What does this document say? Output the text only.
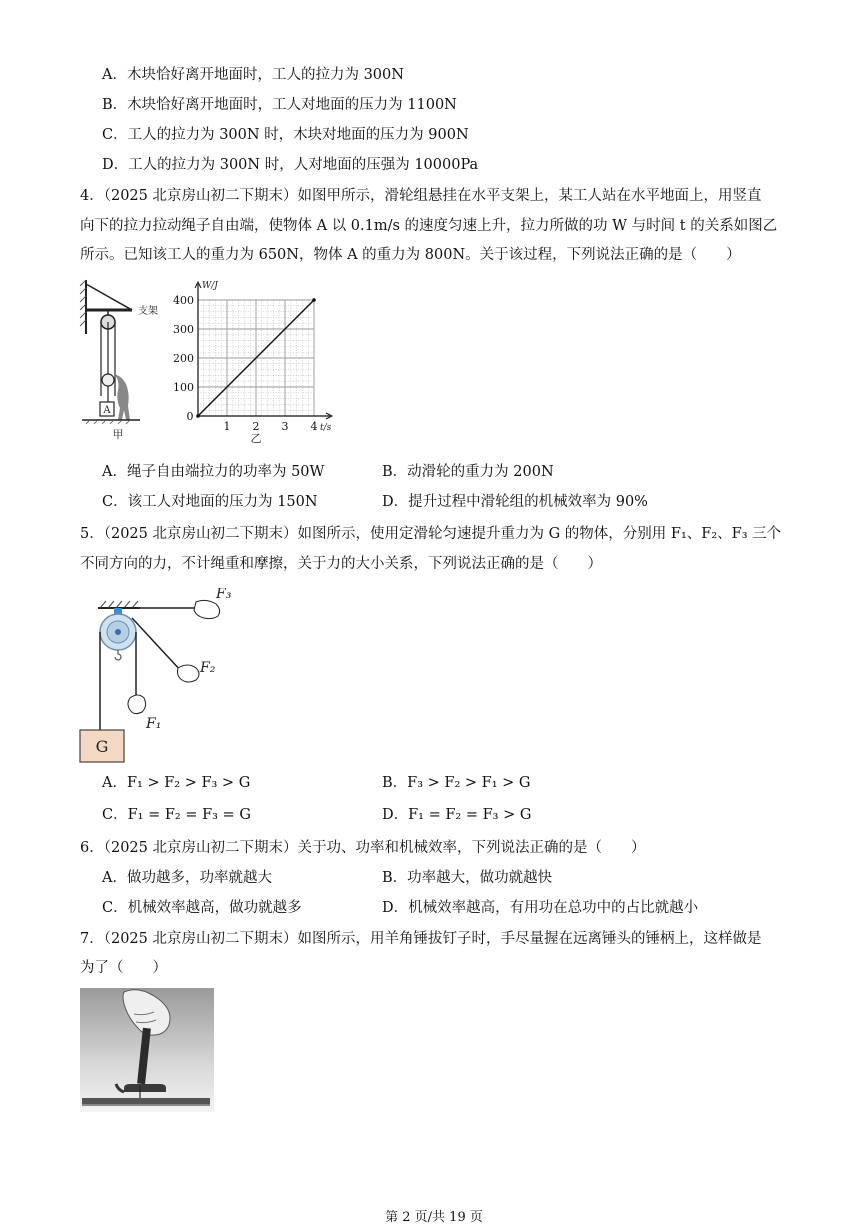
A．木块恰好离开地面时，工人的拉力为 300N
B．木块恰好离开地面时，工人对地面的压力为 1100N
C．工人的拉力为 300N 时，木块对地面的压力为 900N
D．工人的拉力为 300N 时，人对地面的压强为 10000Pa
4．（2025 北京房山初二下期末）如图甲所示，滑轮组悬挂在水平支架上，某工人站在水平地面上，用竖直
向下的拉力拉动绳子自由端，使物体 A 以 0.1m/s 的速度匀速上升，拉力所做的功 W 与时间 t 的关系如图乙
所示。已知该工人的重力为 650N，物体 A 的重力为 800N。关于该过程，下列说法正确的是（　　）
支架
A
甲
0
1 2 3 4
100
200
300
400
W/J
t/s
乙
A．绳子自由端拉力的功率为 50W	B．动滑轮的重力为 200N
C．该工人对地面的压力为 150N	D．提升过程中滑轮组的机械效率为 90%
5．（2025 北京房山初二下期末）如图所示，使用定滑轮匀速提升重力为 G 的物体，分别用 F₁、F₂、F₃ 三个
不同方向的力，不计绳重和摩擦，关于力的大小关系，下列说法正确的是（　　）
G
F₃
F₂
F₁
A．F₁ > F₂ > F₃ > G	B．F₃ > F₂ > F₁ > G
C．F₁ = F₂ = F₃ = G	D．F₁ = F₂ = F₃ > G
6．（2025 北京房山初二下期末）关于功、功率和机械效率，下列说法正确的是（　　）
A．做功越多，功率就越大	B．功率越大，做功就越快
C．机械效率越高，做功就越多	D．机械效率越高，有用功在总功中的占比就越小
7．（2025 北京房山初二下期末）如图所示，用羊角锤拔钉子时，手尽量握在远离锤头的锤柄上，这样做是
为了（　　）
第 2 页/共 19 页
